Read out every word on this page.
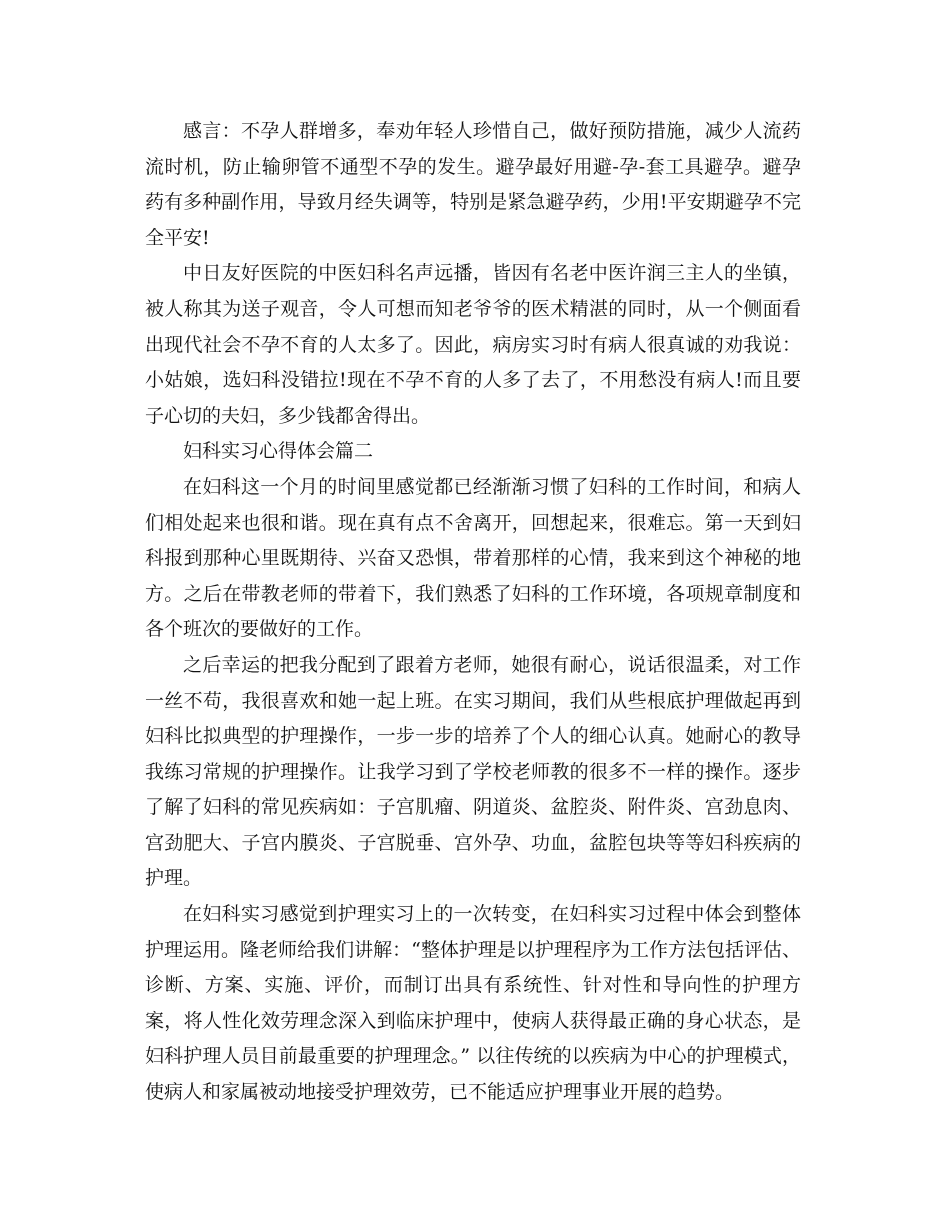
感言：不孕人群增多，奉劝年轻人珍惜自己，做好预防措施，减少人流药流时机，防止输卵管不通型不孕的发生。避孕最好用避-孕-套工具避孕。避孕药有多种副作用，导致月经失调等，特别是紧急避孕药，少用!平安期避孕不完全平安!

中日友好医院的中医妇科名声远播，皆因有名老中医许润三主人的坐镇，被人称其为送子观音，令人可想而知老爷爷的医术精湛的同时，从一个侧面看出现代社会不孕不育的人太多了。因此，病房实习时有病人很真诚的劝我说：小姑娘，选妇科没错拉!现在不孕不育的人多了去了，不用愁没有病人!而且要子心切的夫妇，多少钱都舍得出。

妇科实习心得体会篇二

在妇科这一个月的时间里感觉都已经渐渐习惯了妇科的工作时间，和病人们相处起来也很和谐。现在真有点不舍离开，回想起来，很难忘。第一天到妇科报到那种心里既期待、兴奋又恐惧，带着那样的心情，我来到这个神秘的地方。之后在带教老师的带着下，我们熟悉了妇科的工作环境，各项规章制度和各个班次的要做好的工作。

之后幸运的把我分配到了跟着方老师，她很有耐心，说话很温柔，对工作一丝不苟，我很喜欢和她一起上班。在实习期间，我们从些根底护理做起再到妇科比拟典型的护理操作，一步一步的培养了个人的细心认真。她耐心的教导我练习常规的护理操作。让我学习到了学校老师教的很多不一样的操作。逐步了解了妇科的常见疾病如：子宫肌瘤、阴道炎、盆腔炎、附件炎、宫劲息肉、宫劲肥大、子宫内膜炎、子宫脱垂、宫外孕、功血，盆腔包块等等妇科疾病的护理。

在妇科实习感觉到护理实习上的一次转变，在妇科实习过程中体会到整体护理运用。隆老师给我们讲解：“整体护理是以护理程序为工作方法包括评估、诊断、方案、实施、评价，而制订出具有系统性、针对性和导向性的护理方案，将人性化效劳理念深入到临床护理中，使病人获得最正确的身心状态，是妇科护理人员目前最重要的护理理念。” 以往传统的以疾病为中心的护理模式，使病人和家属被动地接受护理效劳，已不能适应护理事业开展的趋势。
